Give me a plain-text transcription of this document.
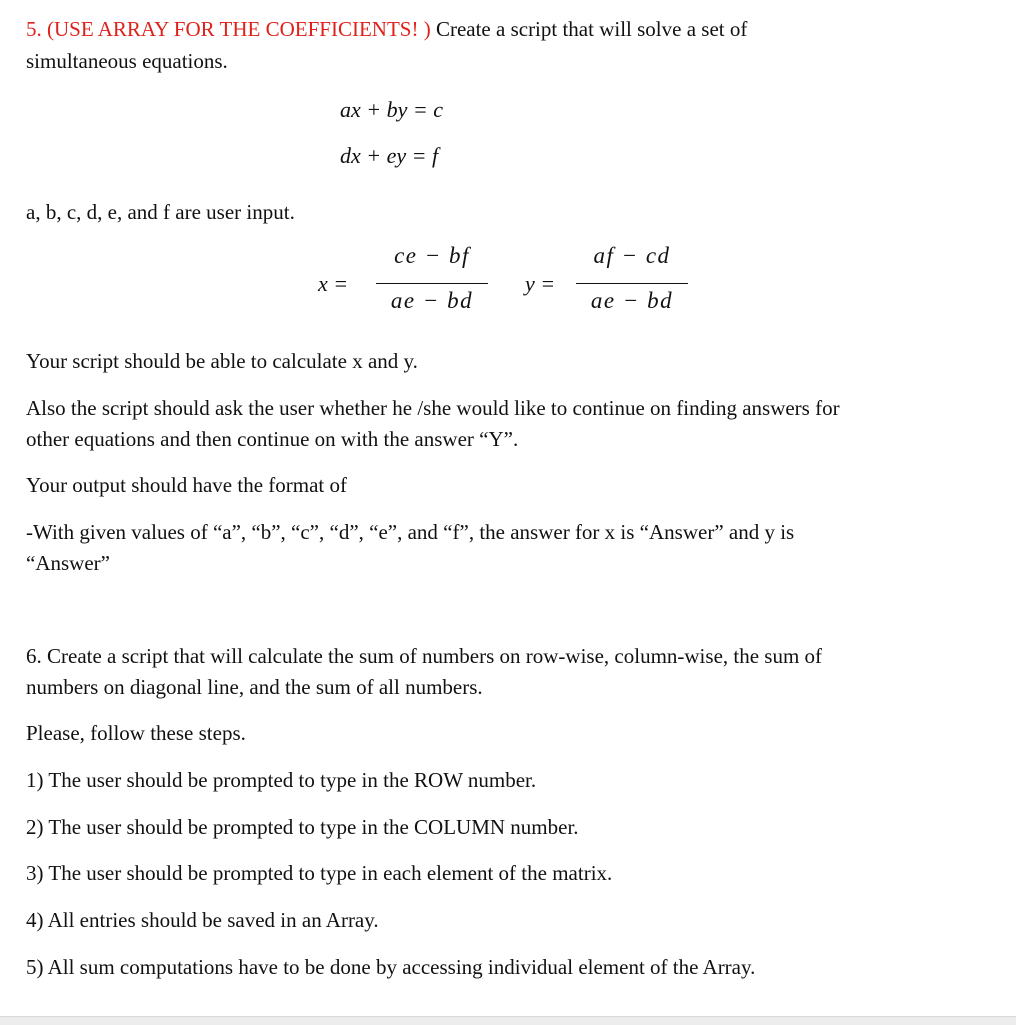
5. (USE ARRAY FOR THE COEFFICIENTS! ) Create a script that will solve a set of
simultaneous equations.
ax + by = c
dx + ey = f
a, b, c, d, e, and f are user input.
x =
ce − bf
ae − bd
y =
af − cd
ae − bd
Your script should be able to calculate x and y.
Also the script should ask the user whether he /she would like to continue on finding answers for
other equations and then continue on with the answer “Y”.
Your output should have the format of
-With given values of “a”, “b”, “c”, “d”, “e”, and “f”, the answer for x is “Answer” and y is
“Answer”
6. Create a script that will calculate the sum of numbers on row-wise, column-wise, the sum of
numbers on diagonal line, and the sum of all numbers.
Please, follow these steps.
1) The user should be prompted to type in the ROW number.
2) The user should be prompted to type in the COLUMN number.
3) The user should be prompted to type in each element of the matrix.
4) All entries should be saved in an Array.
5) All sum computations have to be done by accessing individual element of the Array.
